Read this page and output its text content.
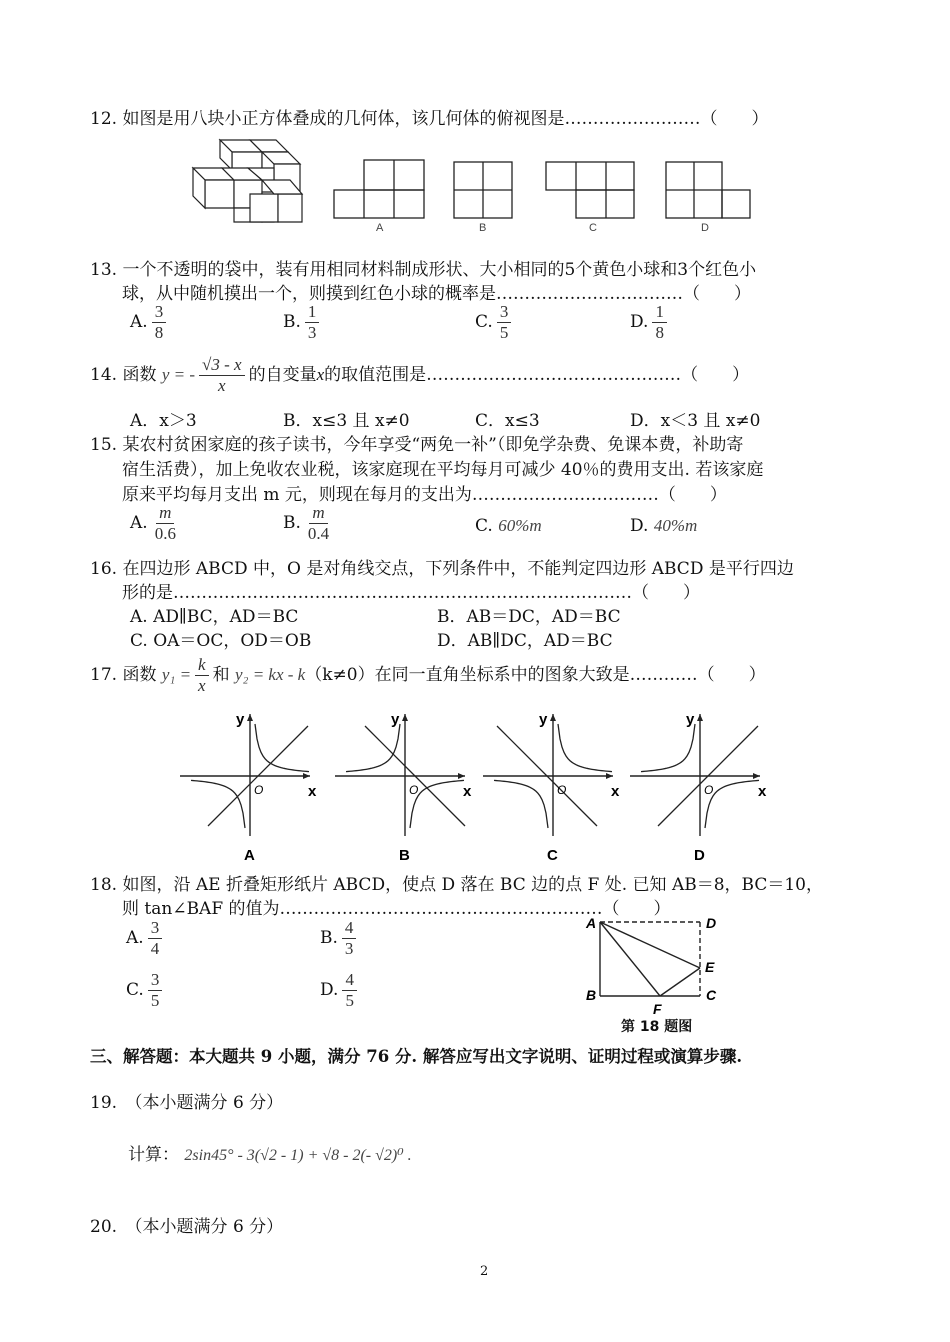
12. 如图是用八块小正方体叠成的几何体，该几何体的俯视图是……………………（　　）
A	B	C	D
13. 一个不透明的袋中，装有用相同材料制成形状、大小相同的5个黄色小球和3个红色小
球，从中随机摸出一个，则摸到红色小球的概率是……………………………（　　）
A. $\frac{3}{8}$	B. $\frac{1}{3}$	C. $\frac{3}{5}$	D. $\frac{1}{8}$
14. 函数 y = - $\frac{√3 - x}{x}$ 的自变量x的取值范围是………………………………………（　　）
A．x＞3	B．x≤3 且 x≠0	C．x≤3	D．x＜3 且 x≠0
15. 某农村贫困家庭的孩子读书，今年享受“两免一补”（即免学杂费、免课本费，补助寄
宿生活费），加上免收农业税，该家庭现在平均每月可减少 40％的费用支出. 若该家庭
原来平均每月支出 m 元，则现在每月的支出为……………………………（　　）
A. $\frac{m}{0.6}$	B. $\frac{m}{0.4}$	C. 60%m	D. 40%m
16. 在四边形 ABCD 中，O 是对角线交点，下列条件中，不能判定四边形 ABCD 是平行四边
形的是………………………………………………………………………（　　）
A. AD∥BC，AD＝BC	B．AB＝DC，AD＝BC
C. OA＝OC，OD＝OB	D．AB∥DC，AD＝BC
17. 函数 $y_1 = \frac{k}{x}$ 和 y₂ = kx - k（k≠0）在同一直角坐标系中的图象大致是…………（　　）
x
y
O
A
x
y
O
B
x
y
O
C
x
y
O
D
18. 如图，沿 AE 折叠矩形纸片 ABCD，使点 D 落在 BC 边的点 F 处. 已知 AB＝8，BC＝10，
则 tan∠BAF 的值为…………………………………………………（　　）
A. $\frac{3}{4}$	B. $\frac{4}{3}$
C. $\frac{3}{5}$	D. $\frac{4}{5}$
A	D
E
B
F
C
第 18 题图
三、解答题：本大题共 9 小题，满分 76 分. 解答应写出文字说明、证明过程或演算步骤.
19.　（本小题满分 6 分）
计算： 2sin45° - 3(√2 - 1) + √8 - 2(- √2)⁰ .
20.　（本小题满分 6 分）
2
